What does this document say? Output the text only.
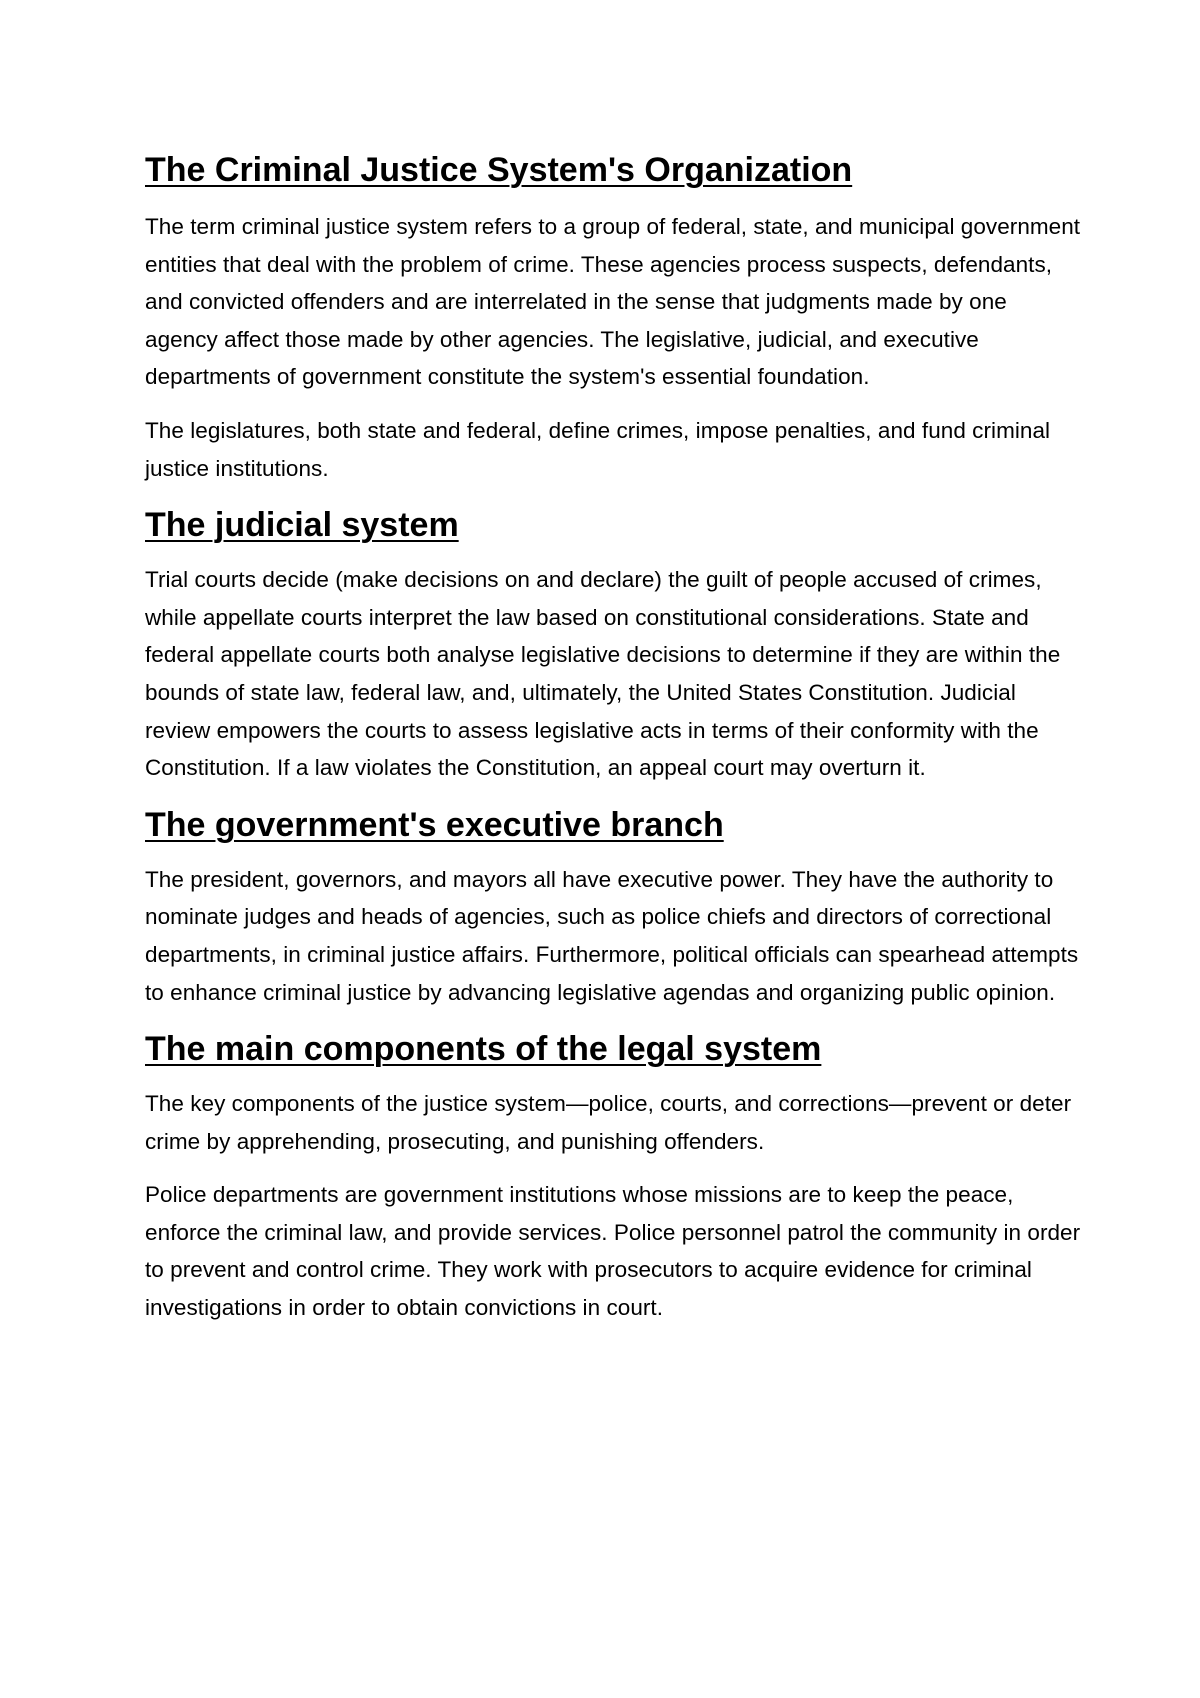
The Criminal Justice System's Organization

The term criminal justice system refers to a group of federal, state, and municipal government entities that deal with the problem of crime. These agencies process suspects, defendants, and convicted offenders and are interrelated in the sense that judgments made by one agency affect those made by other agencies. The legislative, judicial, and executive departments of government constitute the system's essential foundation.

The legislatures, both state and federal, define crimes, impose penalties, and fund criminal justice institutions.

The judicial system

Trial courts decide (make decisions on and declare) the guilt of people accused of crimes, while appellate courts interpret the law based on constitutional considerations. State and federal appellate courts both analyse legislative decisions to determine if they are within the bounds of state law, federal law, and, ultimately, the United States Constitution. Judicial review empowers the courts to assess legislative acts in terms of their conformity with the Constitution. If a law violates the Constitution, an appeal court may overturn it.

The government's executive branch

The president, governors, and mayors all have executive power. They have the authority to nominate judges and heads of agencies, such as police chiefs and directors of correctional departments, in criminal justice affairs. Furthermore, political officials can spearhead attempts to enhance criminal justice by advancing legislative agendas and organizing public opinion.

The main components of the legal system

The key components of the justice system—police, courts, and corrections—prevent or deter crime by apprehending, prosecuting, and punishing offenders.

Police departments are government institutions whose missions are to keep the peace, enforce the criminal law, and provide services. Police personnel patrol the community in order to prevent and control crime. They work with prosecutors to acquire evidence for criminal investigations in order to obtain convictions in court.
